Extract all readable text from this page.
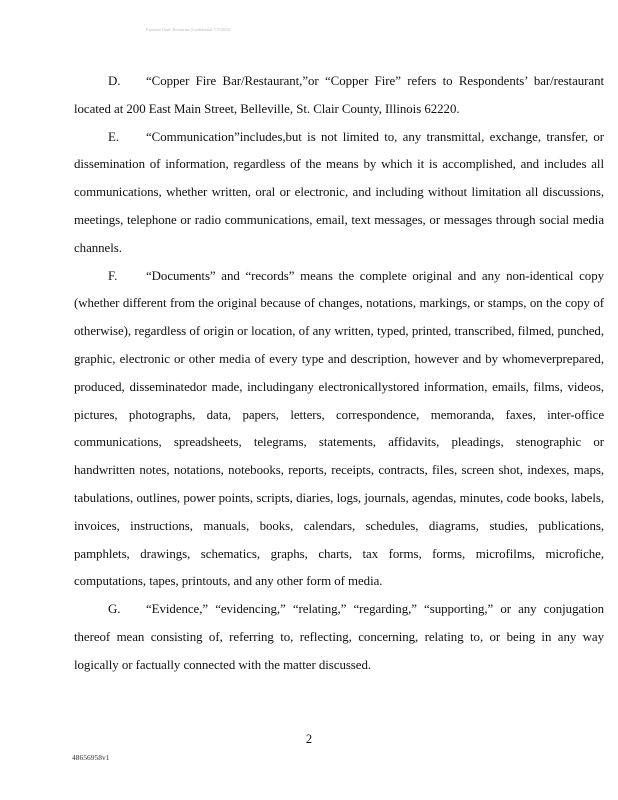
Exposure Draft, Restaurant (Confidential 7/11/2023)

D. “Copper Fire Bar/Restaurant,”or “Copper Fire” refers to Respondents’ bar/restaurant located at 200 East Main Street, Belleville, St. Clair County, Illinois 62220.

E. “Communication”includes,but is not limited to, any transmittal, exchange, transfer, or dissemination of information, regardless of the means by which it is accomplished, and includes all communications, whether written, oral or electronic, and including without limitation all discussions, meetings, telephone or radio communications, email, text messages, or messages through social media channels.

F. “Documents” and “records” means the complete original and any non-identical copy (whether different from the original because of changes, notations, markings, or stamps, on the copy of otherwise), regardless of origin or location, of any written, typed, printed, transcribed, filmed, punched, graphic, electronic or other media of every type and description, however and by whomeverprepared, produced, disseminatedor made, includingany electronicallystored information, emails, films, videos, pictures, photographs, data, papers, letters, correspondence, memoranda, faxes, inter-office communications, spreadsheets, telegrams, statements, affidavits, pleadings, stenographic or handwritten notes, notations, notebooks, reports, receipts, contracts, files, screen shot, indexes, maps, tabulations, outlines, power points, scripts, diaries, logs, journals, agendas, minutes, code books, labels, invoices, instructions, manuals, books, calendars, schedules, diagrams, studies, publications, pamphlets, drawings, schematics, graphs, charts, tax forms, forms, microfilms, microfiche, computations, tapes, printouts, and any other form of media.

G. “Evidence,” “evidencing,” “relating,” “regarding,” “supporting,” or any conjugation thereof mean consisting of, referring to, reflecting, concerning, relating to, or being in any way logically or factually connected with the matter discussed.

2
48656958v1
